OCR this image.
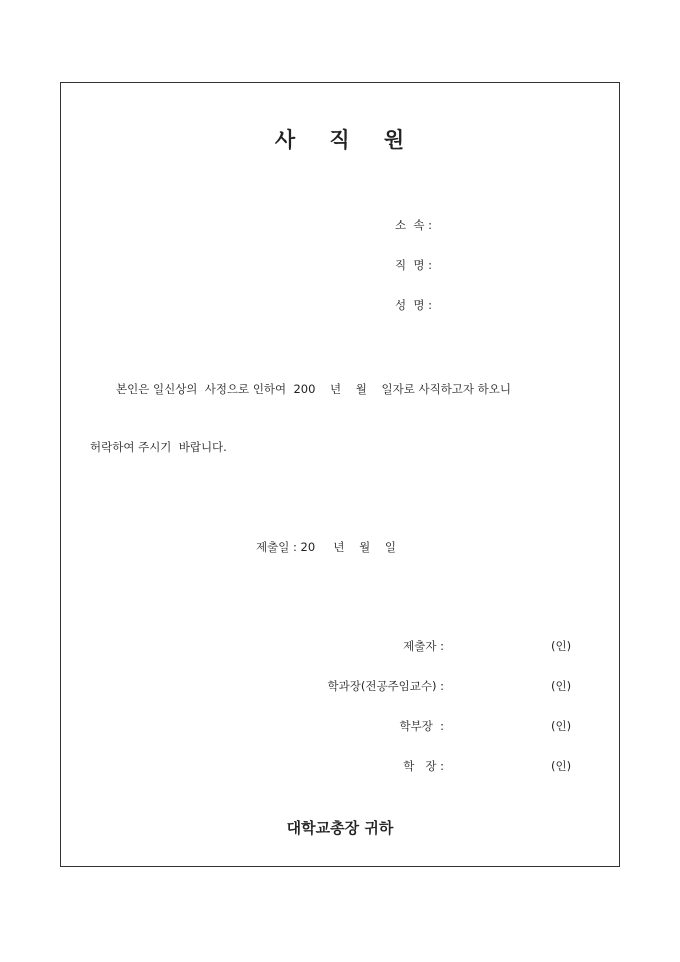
사    직    원
소  속 :
직  명 :
성  명 :
본인은 일신상의  사정으로 인하여  200    년    월    일자로 사직하고자 하오니
허락하여 주시기  바랍니다.
제출일 : 20     년    월    일
제출자 :	(인)
학과장(전공주임교수) :	(인)
학부장  :	(인)
학   장 :	(인)
대학교총장 귀하
